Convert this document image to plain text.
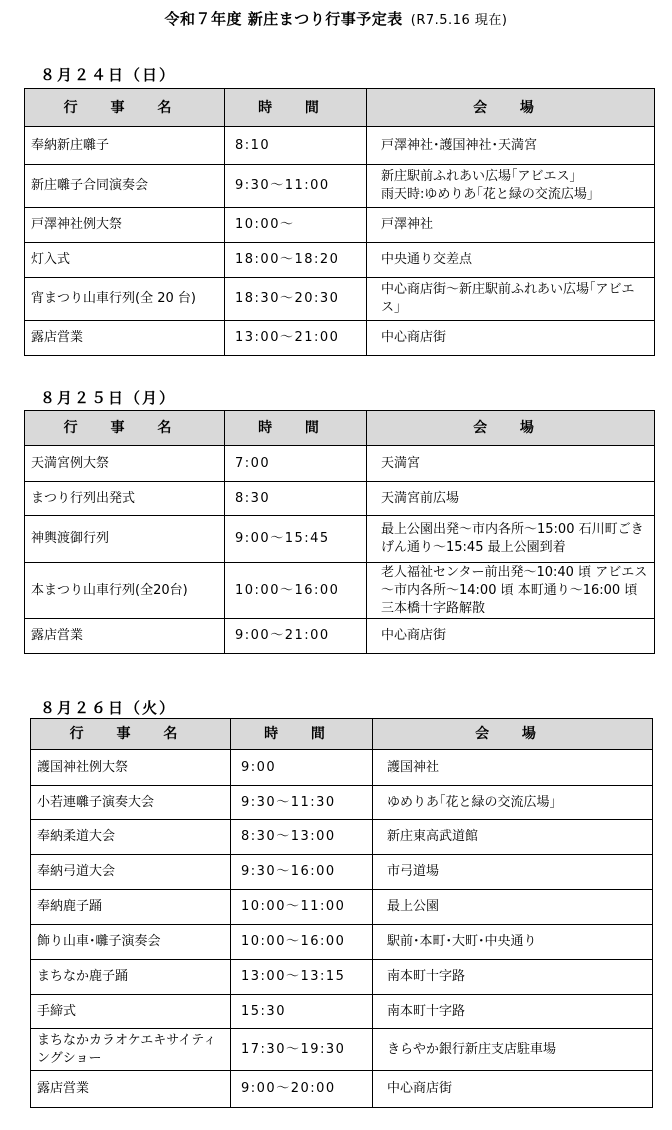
令和７年度 新庄まつり行事予定表 (R7.5.16 現在)
８月２４日（日）
行 事 名	時 間	会 場
奉納新庄囃子	8:10	戸澤神社･護国神社･天満宮
新庄囃子合同演奏会	9:30～11:00	新庄駅前ふれあい広場｢アビエス｣
雨天時:ゆめりあ｢花と緑の交流広場｣
戸澤神社例大祭	10:00～	戸澤神社
灯入式	18:00～18:20	中央通り交差点
宵まつり山車行列(全 20 台)	18:30～20:30	中心商店街～新庄駅前ふれあい広場｢アビエス｣
露店営業	13:00～21:00	中心商店街
８月２５日（月）
行 事 名	時 間	会 場
天満宮例大祭	7:00	天満宮
まつり行列出発式	8:30	天満宮前広場
神輿渡御行列	9:00～15:45	最上公園出発～市内各所～15:00 石川町ごきげん通り～15:45 最上公園到着
本まつり山車行列(全20台)	10:00～16:00	老人福祉センター前出発～10:40 頃 アビエス～市内各所～14:00 頃 本町通り～16:00 頃 三本橋十字路解散
露店営業	9:00～21:00	中心商店街
８月２６日（火）
行 事 名	時 間	会 場
護国神社例大祭	9:00	護国神社
小若連囃子演奏大会	9:30～11:30	ゆめりあ｢花と緑の交流広場｣
奉納柔道大会	8:30～13:00	新庄東高武道館
奉納弓道大会	9:30～16:00	市弓道場
奉納鹿子踊	10:00～11:00	最上公園
飾り山車･囃子演奏会	10:00～16:00	駅前･本町･大町･中央通り
まちなか鹿子踊	13:00～13:15	南本町十字路
手締式	15:30	南本町十字路
まちなかカラオケエキサイティングショー	17:30～19:30	きらやか銀行新庄支店駐車場
露店営業	9:00～20:00	中心商店街
